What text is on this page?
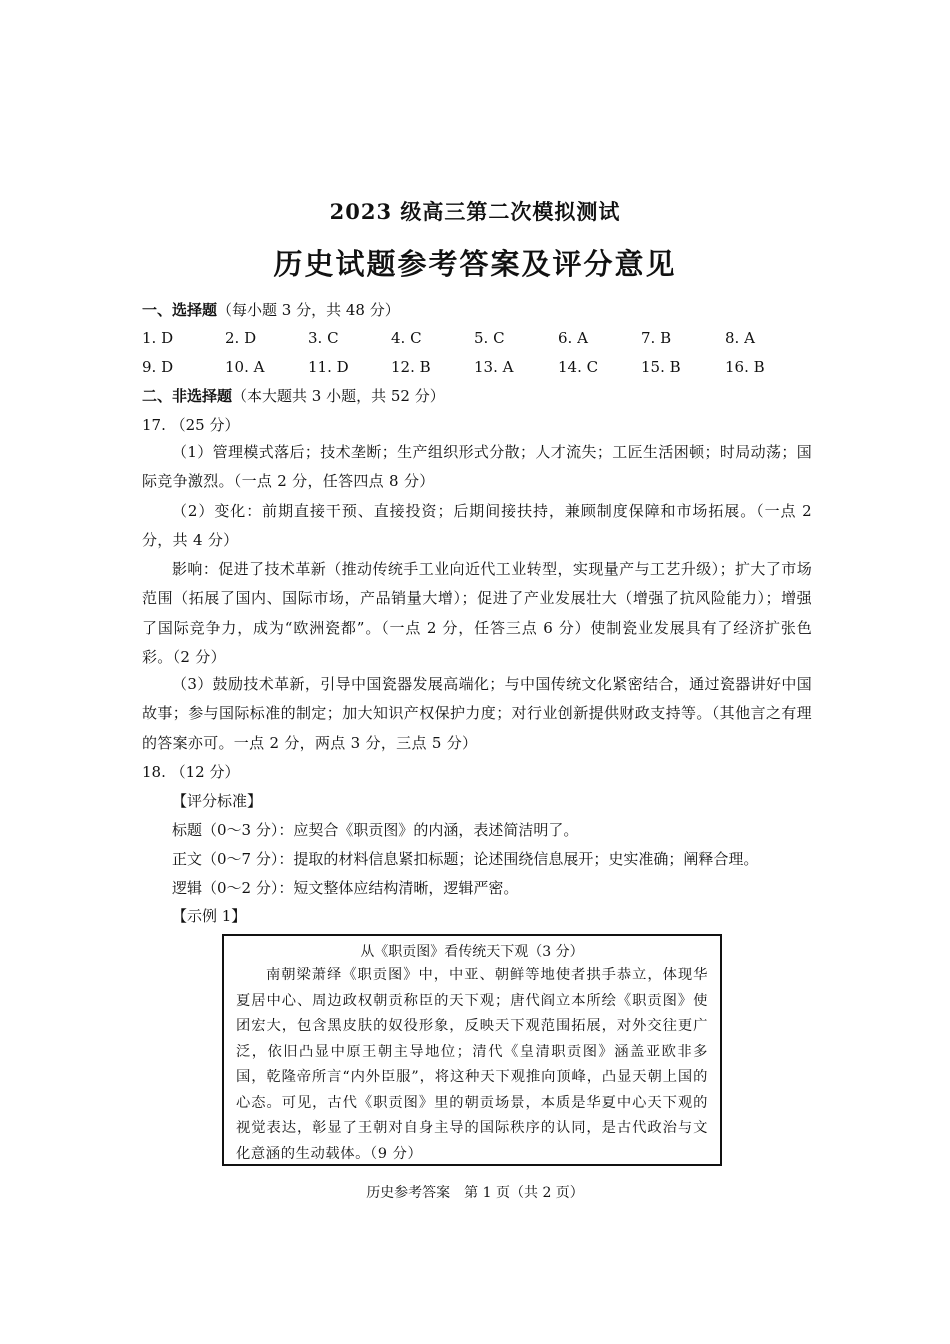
2023 级高三第二次模拟测试
历史试题参考答案及评分意见
一、选择题（每小题 3 分，共 48 分）
1. D	2. D	3. C	4. C	5. C	6. A	7. B	8. A
9. D	10. A	11. D	12. B	13. A	14. C	15. B	16. B
二、非选择题（本大题共 3 小题，共 52 分）
17. （25 分）
（1）管理模式落后；技术垄断；生产组织形式分散；人才流失；工匠生活困顿；时局动荡；国际竞争激烈。（一点 2 分，任答四点 8 分）
（2）变化：前期直接干预、直接投资；后期间接扶持，兼顾制度保障和市场拓展。（一点 2 分，共 4 分）
影响：促进了技术革新（推动传统手工业向近代工业转型，实现量产与工艺升级）；扩大了市场范围（拓展了国内、国际市场，产品销量大增）；促进了产业发展壮大（增强了抗风险能力）；增强了国际竞争力，成为“欧洲瓷都”。（一点 2 分，任答三点 6 分）使制瓷业发展具有了经济扩张色彩。（2 分）
（3）鼓励技术革新，引导中国瓷器发展高端化；与中国传统文化紧密结合，通过瓷器讲好中国故事；参与国际标准的制定；加大知识产权保护力度；对行业创新提供财政支持等。（其他言之有理的答案亦可。一点 2 分，两点 3 分，三点 5 分）
18. （12 分）
【评分标准】
标题（0～3 分）：应契合《职贡图》的内涵，表述简洁明了。
正文（0～7 分）：提取的材料信息紧扣标题；论述围绕信息展开；史实准确；阐释合理。
逻辑（0～2 分）：短文整体应结构清晰，逻辑严密。
【示例 1】
从《职贡图》看传统天下观（3 分）
南朝梁萧绎《职贡图》中，中亚、朝鲜等地使者拱手恭立，体现华夏居中心、周边政权朝贡称臣的天下观；唐代阎立本所绘《职贡图》使团宏大，包含黑皮肤的奴役形象，反映天下观范围拓展，对外交往更广泛，依旧凸显中原王朝主导地位；清代《皇清职贡图》涵盖亚欧非多国，乾隆帝所言“内外臣服”，将这种天下观推向顶峰，凸显天朝上国的心态。可见，古代《职贡图》里的朝贡场景，本质是华夏中心天下观的视觉表达，彰显了王朝对自身主导的国际秩序的认同，是古代政治与文化意涵的生动载体。（9 分）
历史参考答案　第 1 页（共 2 页）
